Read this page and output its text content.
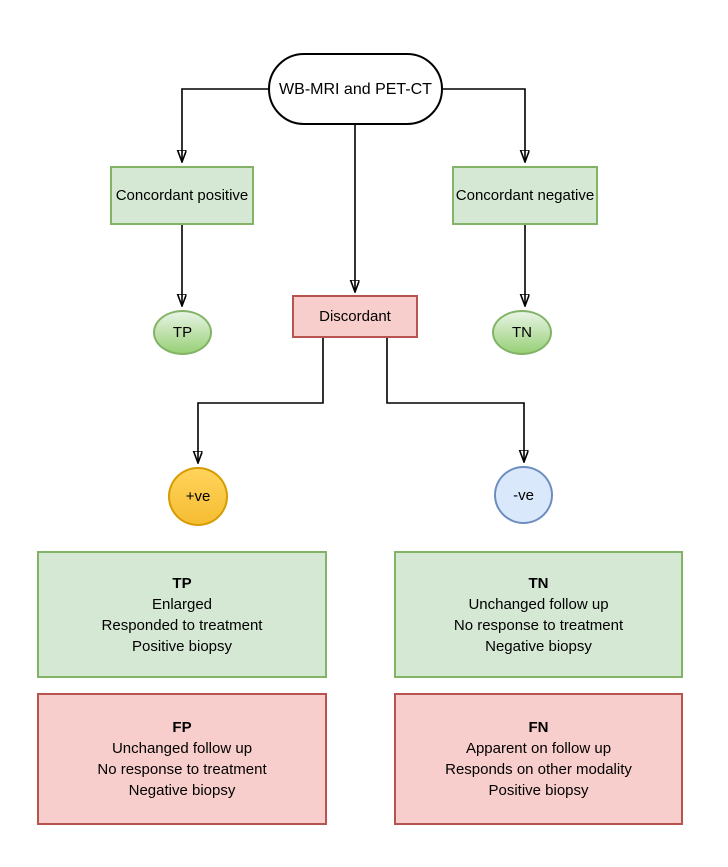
WB-MRI and PET-CT
Concordant positive	Concordant negative
Discordant
TP	TN
+ve	-ve
TP
Enlarged
Responded to treatment
Positive biopsy
TN
Unchanged follow up
No response to treatment
Negative biopsy
FP
Unchanged follow up
No response to treatment
Negative biopsy
FN
Apparent on follow up
Responds on other modality
Positive biopsy
